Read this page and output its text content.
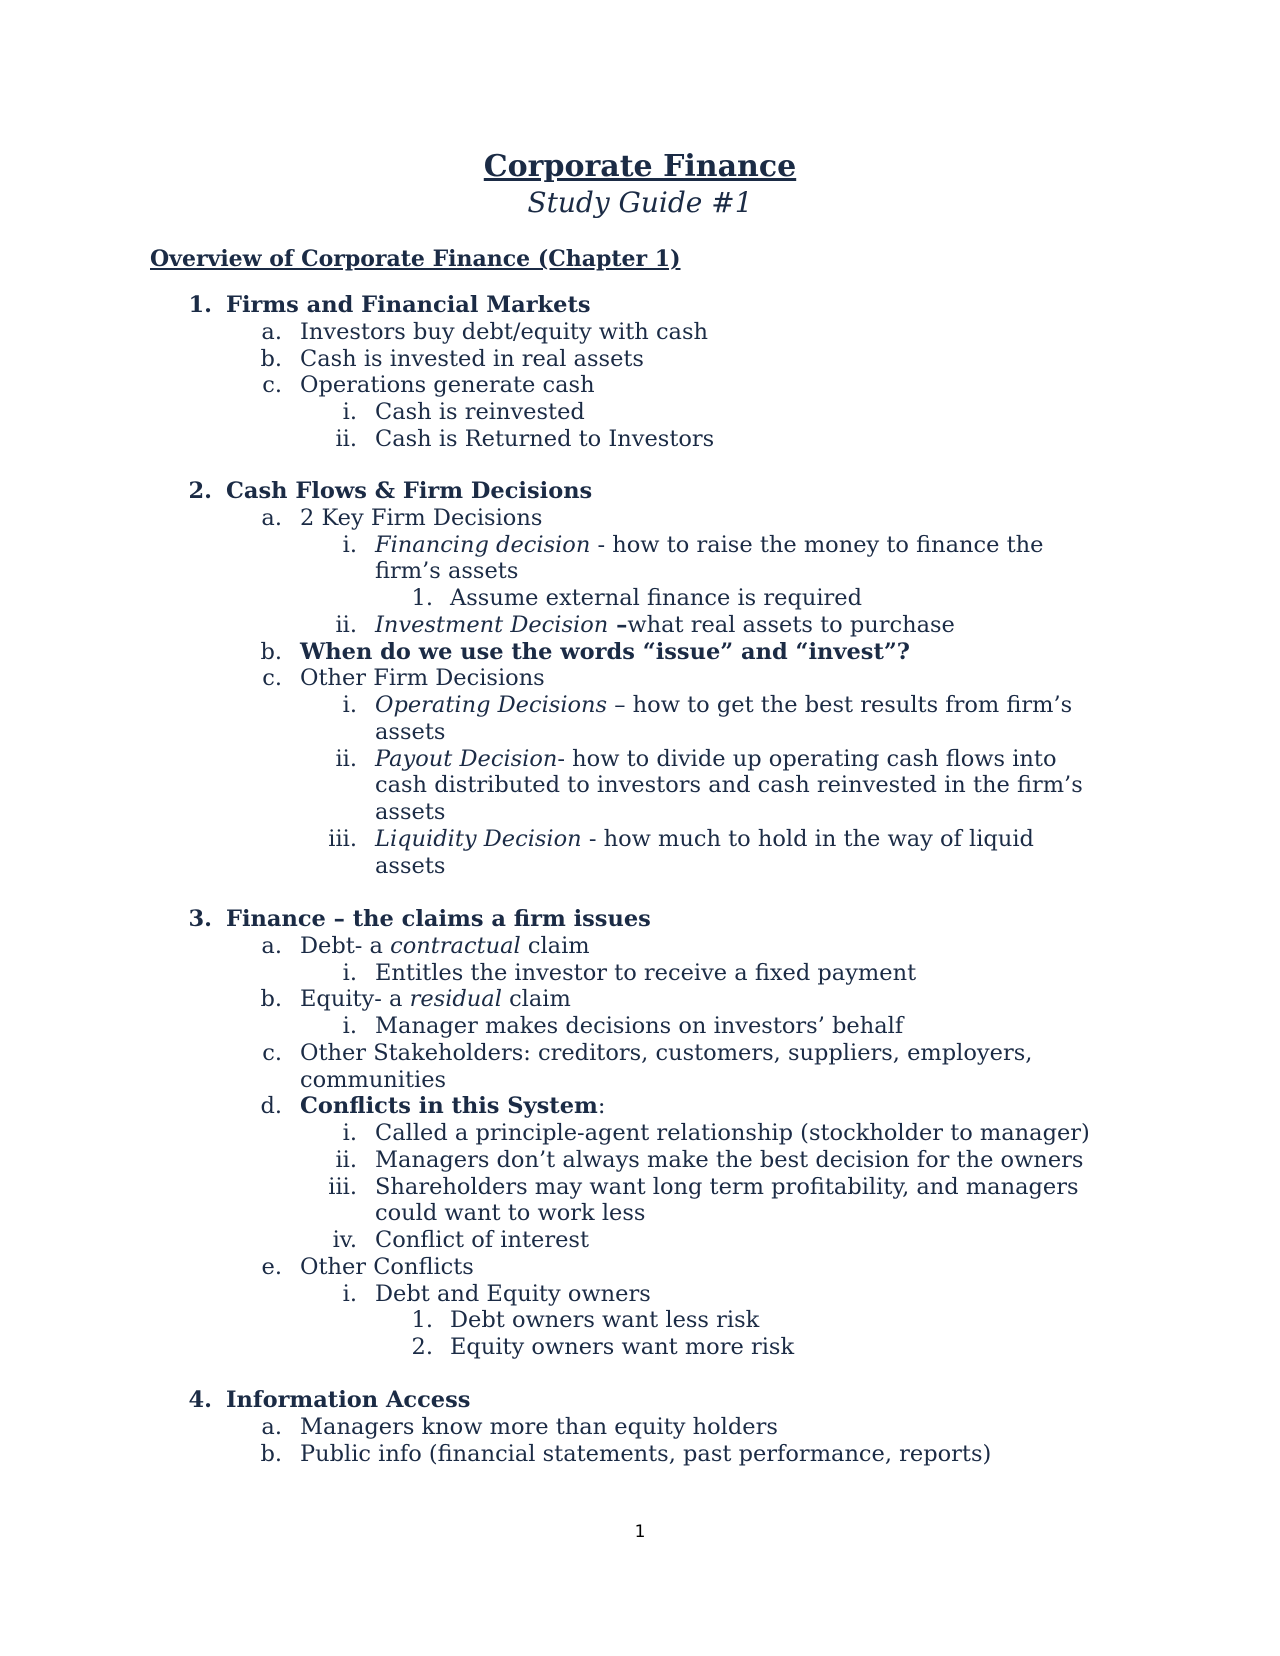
Corporate Finance
Study Guide #1
Overview of Corporate Finance (Chapter 1)
1. Firms and Financial Markets
a. Investors buy debt/equity with cash
b. Cash is invested in real assets
c. Operations generate cash
i. Cash is reinvested
ii. Cash is Returned to Investors
2. Cash Flows & Firm Decisions
a. 2 Key Firm Decisions
i. Financing decision - how to raise the money to finance the
firm’s assets
1. Assume external finance is required
ii. Investment Decision –what real assets to purchase
b. When do we use the words “issue” and “invest”?
c. Other Firm Decisions
i. Operating Decisions – how to get the best results from firm’s
assets
ii. Payout Decision- how to divide up operating cash flows into
cash distributed to investors and cash reinvested in the firm’s
assets
iii. Liquidity Decision - how much to hold in the way of liquid
assets
3. Finance – the claims a firm issues
a. Debt- a contractual claim
i. Entitles the investor to receive a fixed payment
b. Equity- a residual claim
i. Manager makes decisions on investors’ behalf
c. Other Stakeholders: creditors, customers, suppliers, employers,
communities
d. Conflicts in this System:
i. Called a principle-agent relationship (stockholder to manager)
ii. Managers don’t always make the best decision for the owners
iii. Shareholders may want long term profitability, and managers
could want to work less
iv. Conflict of interest
e. Other Conflicts
i. Debt and Equity owners
1. Debt owners want less risk
2. Equity owners want more risk
4. Information Access
a. Managers know more than equity holders
b. Public info (financial statements, past performance, reports)
1
